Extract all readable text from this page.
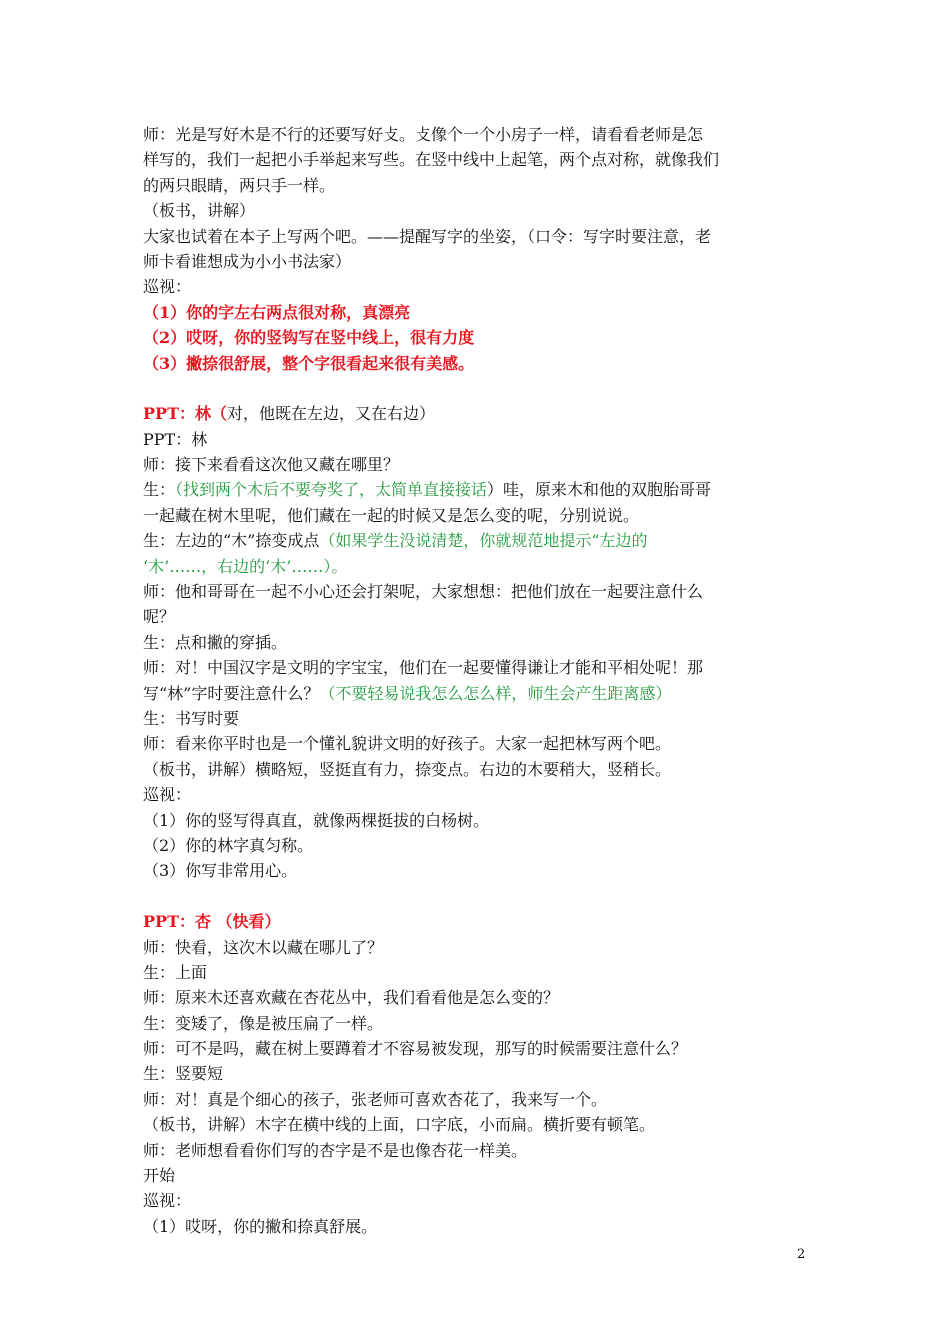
师：光是写好木是不行的还要写好攴。攴像个一个小房子一样，请看看老师是怎
样写的，我们一起把小手举起来写些。在竖中线中上起笔，两个点对称，就像我们
的两只眼睛，两只手一样。
（板书，讲解）
大家也试着在本子上写两个吧。——提醒写字的坐姿，（口令：写字时要注意，老
师卡看谁想成为小小书法家）
巡视：
（1）你的字左右两点很对称，真漂亮
（2）哎呀，你的竖钩写在竖中线上，很有力度
（3）撇捺很舒展，整个字很看起来很有美感。
PPT：林（对，他既在左边，又在右边）
PPT：林
师：接下来看看这次他又藏在哪里？
生：（找到两个木后不要夸奖了，太简单直接接话）哇，原来木和他的双胞胎哥哥
一起藏在树木里呢，他们藏在一起的时候又是怎么变的呢，分别说说。
生：左边的“木”捺变成点（如果学生没说清楚，你就规范地提示“左边的
‘木’……，右边的‘木’……）。
师：他和哥哥在一起不小心还会打架呢，大家想想：把他们放在一起要注意什么
呢？
生：点和撇的穿插。
师：对！中国汉字是文明的字宝宝，他们在一起要懂得谦让才能和平相处呢！那
写“林”字时要注意什么？（不要轻易说我怎么怎么样，师生会产生距离感）
生：书写时要
师：看来你平时也是一个懂礼貌讲文明的好孩子。大家一起把林写两个吧。
（板书，讲解）横略短，竖挺直有力，捺变点。右边的木要稍大，竖稍长。
巡视：
（1）你的竖写得真直，就像两棵挺拔的白杨树。
（2）你的林字真匀称。
（3）你写非常用心。
PPT：杏 （快看）
师：快看，这次木以藏在哪儿了？
生：上面
师：原来木还喜欢藏在杏花丛中，我们看看他是怎么变的？
生：变矮了，像是被压扁了一样。
师：可不是吗，藏在树上要蹲着才不容易被发现，那写的时候需要注意什么？
生：竖要短
师：对！真是个细心的孩子，张老师可喜欢杏花了，我来写一个。
（板书，讲解）木字在横中线的上面，口字底，小而扁。横折要有顿笔。
师：老师想看看你们写的杏字是不是也像杏花一样美。
开始
巡视：
（1）哎呀，你的撇和捺真舒展。
2
